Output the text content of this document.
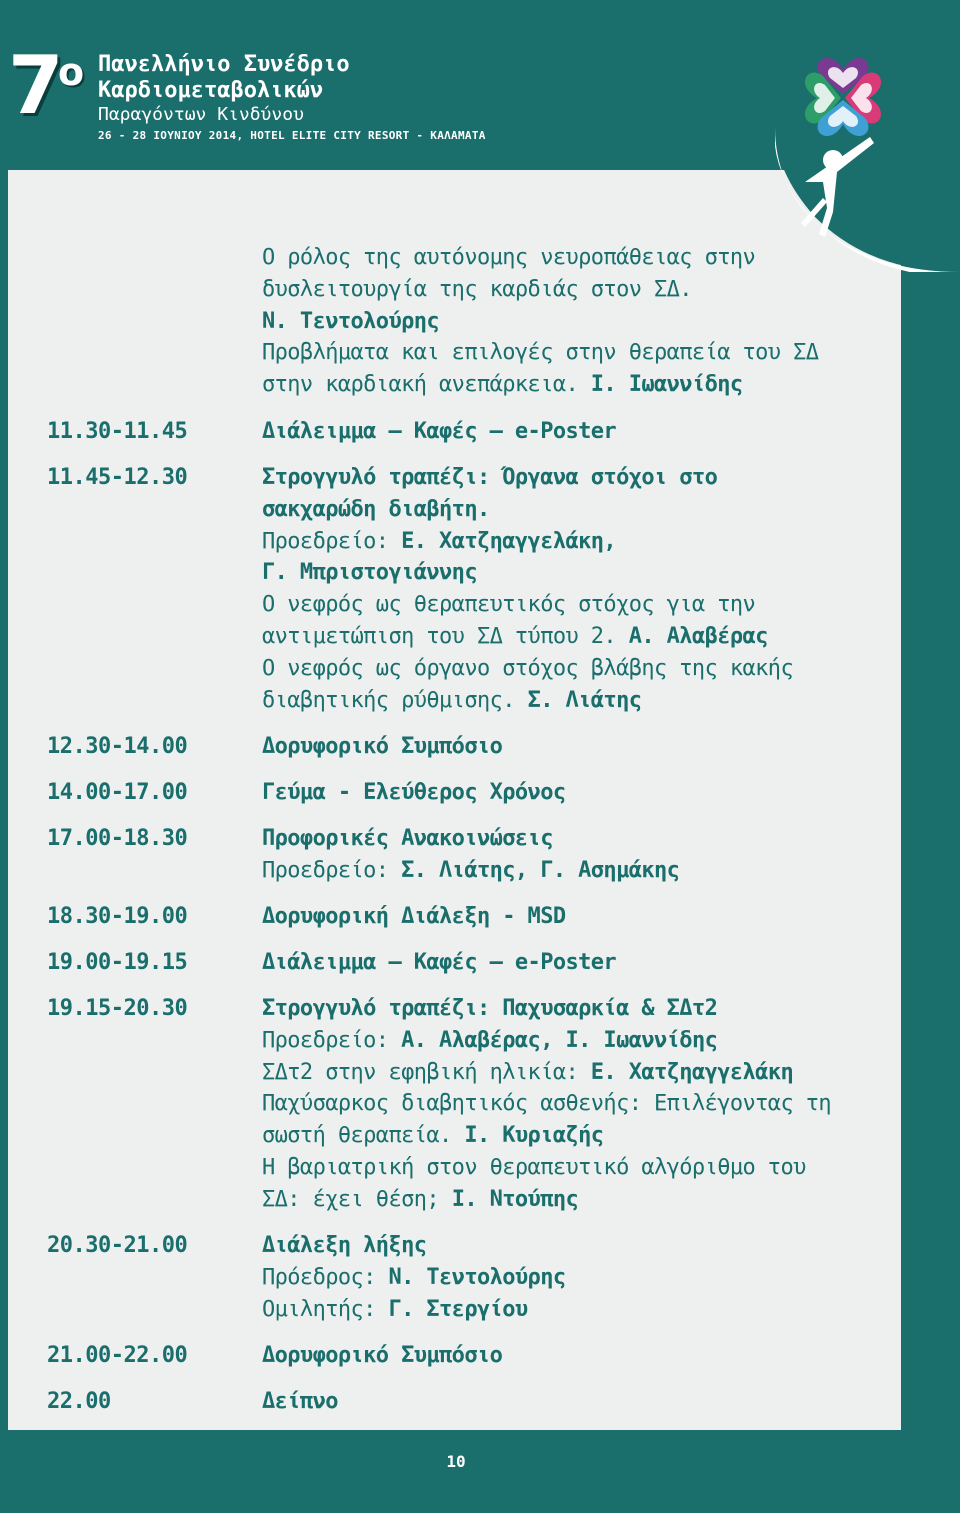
7
ο Πανελλήνιο Συνέδριο
Καρδιομεταβολικών
Παραγόντων Κινδύνου
26 - 28 ΙΟΥΝΙΟΥ 2014, HOTEL ELITE CITY RESORT - ΚΑΛΑΜΑΤΑ
Ο ρόλος της αυτόνομης νευροπάθειας στην
δυσλειτουργία της καρδιάς στον ΣΔ.
Ν. Τεντολούρης
Προβλήματα και επιλογές στην θεραπεία του ΣΔ
στην καρδιακή ανεπάρκεια. Ι. Ιωαννίδης
11.30-11.45	Διάλειμμα – Καφές – e-Poster
11.45-12.30	Στρογγυλό τραπέζι: Όργανα στόχοι στο
σακχαρώδη διαβήτη.
Προεδρείο: Ε. Χατζηαγγελάκη,
Γ. Μπριστογιάννης
Ο νεφρός ως θεραπευτικός στόχος για την
αντιμετώπιση του ΣΔ τύπου 2. Α. Αλαβέρας
Ο νεφρός ως όργανο στόχος βλάβης της κακής
διαβητικής ρύθμισης. Σ. Λιάτης
12.30-14.00	Δορυφορικό Συμπόσιο
14.00-17.00	Γεύμα - Ελεύθερος Χρόνος
17.00-18.30	Προφορικές Ανακοινώσεις
Προεδρείο: Σ. Λιάτης, Γ. Ασημάκης
18.30-19.00	Δορυφορική Διάλεξη - MSD
19.00-19.15	Διάλειμμα – Καφές – e-Poster
19.15-20.30	Στρογγυλό τραπέζι: Παχυσαρκία & ΣΔτ2
Προεδρείο: Α. Αλαβέρας, Ι. Ιωαννίδης
ΣΔτ2 στην εφηβική ηλικία: Ε. Χατζηαγγελάκη
Παχύσαρκος διαβητικός ασθενής: Επιλέγοντας τη
σωστή θεραπεία. Ι. Κυριαζής
Η βαριατρική στον θεραπευτικό αλγόριθμο του
ΣΔ: έχει θέση; Ι. Ντούπης
20.30-21.00	Διάλεξη λήξης
Πρόεδρος: Ν. Τεντολούρης
Ομιλητής: Γ. Στεργίου
21.00-22.00	Δορυφορικό Συμπόσιο
22.00	Δείπνο
10
